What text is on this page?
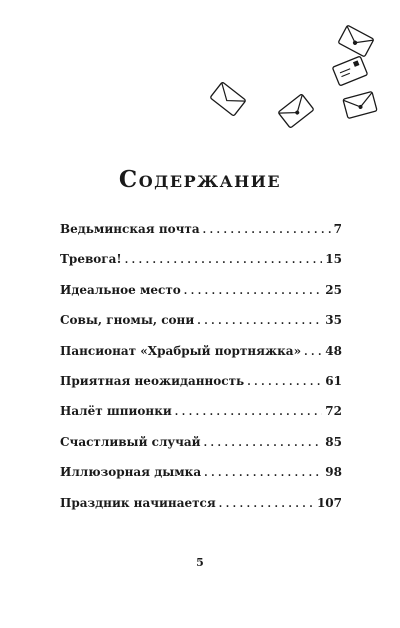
Содержание
Ведьминская почта . . .	7
Тревога! . . .	15
Идеальное место . . .	25
Совы, гномы, сони . . .	35
Пансионат «Храбрый портняжка» . . . 48
Приятная неожиданность . . .	61
Налёт шпионки . . .	72
Счастливый случай . . .	85
Иллюзорная дымка . . .	98
Праздник начинается . . .	107
5
